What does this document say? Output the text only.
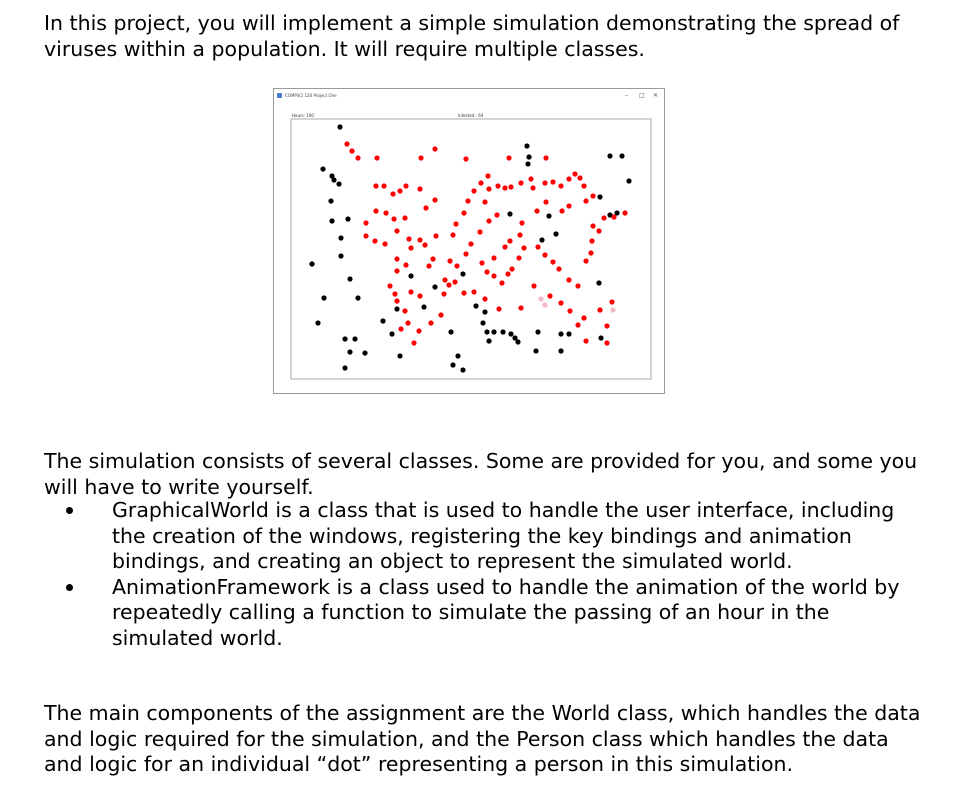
In this project, you will implement a simple simulation demonstrating the spread of viruses within a population. It will require multiple classes.

COMPSCI 120 Project One	– □ ✕
Hours: 100	Infected : 64

The simulation consists of several classes. Some are provided for you, and some you will have to write yourself.

GraphicalWorld is a class that is used to handle the user interface, including the creation of the windows, registering the key bindings and animation bindings, and creating an object to represent the simulated world.
AnimationFramework is a class used to handle the animation of the world by repeatedly calling a function to simulate the passing of an hour in the simulated world.

The main components of the assignment are the World class, which handles the data and logic required for the simulation, and the Person class which handles the data and logic for an individual “dot” representing a person in this simulation.
